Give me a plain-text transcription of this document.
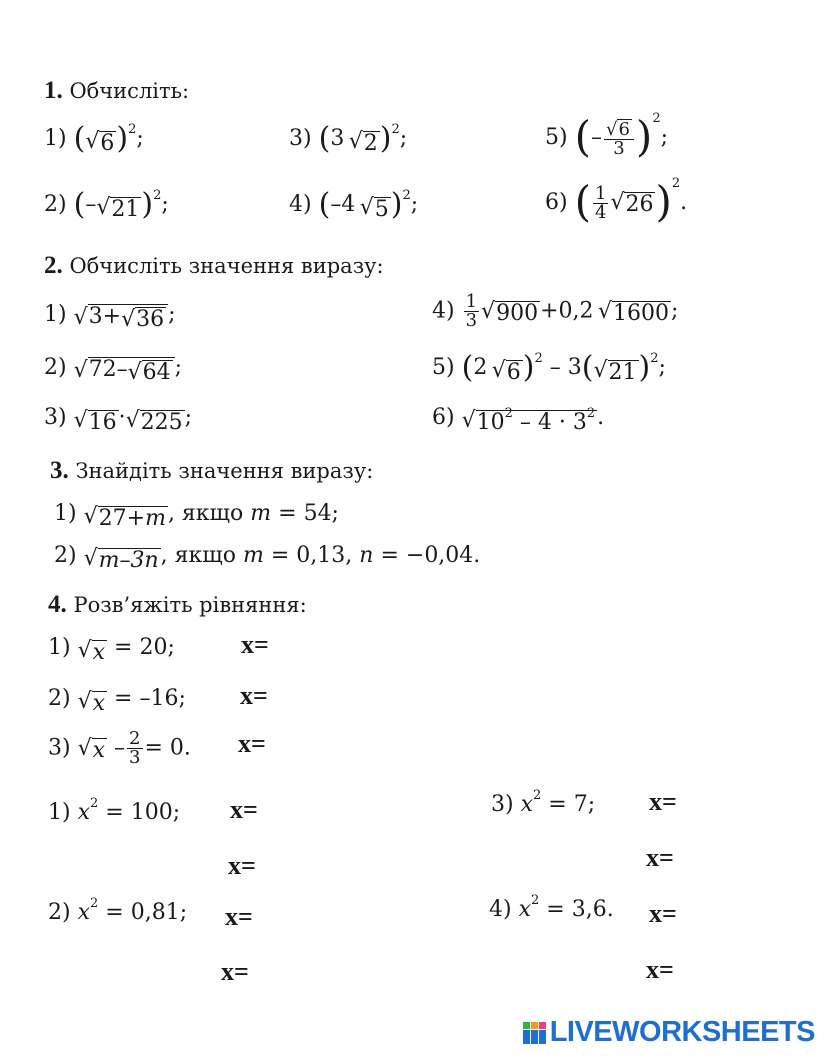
1. Обчисліть:
1) ( √ 6 )$^2$;
2) (– √ 21 )$^2$;
3) (3  √ 2 )$^2$;
4) (–4  √ 5 )$^2$;
5) (– $\frac{√ 6}{3} )^2$;
6) ( $\frac{1}{4}$ √ 26 )$^2$.
2. Обчисліть значення виразу:
1) √ 3+ √ 36 ;
2) √ 72– √ 64 ;
3) √ 16 · √ 225 ;
$4) \frac{1}{3}$ √ 900 +0,2  √ 1600 ;
5) (2  √ 6 )$^2$ – 3( √ 21 )$^2$;
6) √ $10^2 - 4 \cdot 3^2$ .
3. Знайдіть значення виразу:
1) √ 27+m , якщо m = 54;
2) √ m–3n , якщо m = 0,13, n = −0,04.
4. Розв’яжіть рівняння:
1) √ x = 20;
2) √ x = –16;
3) √ $x - \frac{2}{3} = 0$.
1) $x^2 = 100$;
2) $x^2 = 0,81$;
3) $x^2 = 7$;
4) $x^2 = 3,6$.
x=
x=
x=
x=
x=
x=
x=
x=
x=
x=
x=
LIVEWORKSHEETS
